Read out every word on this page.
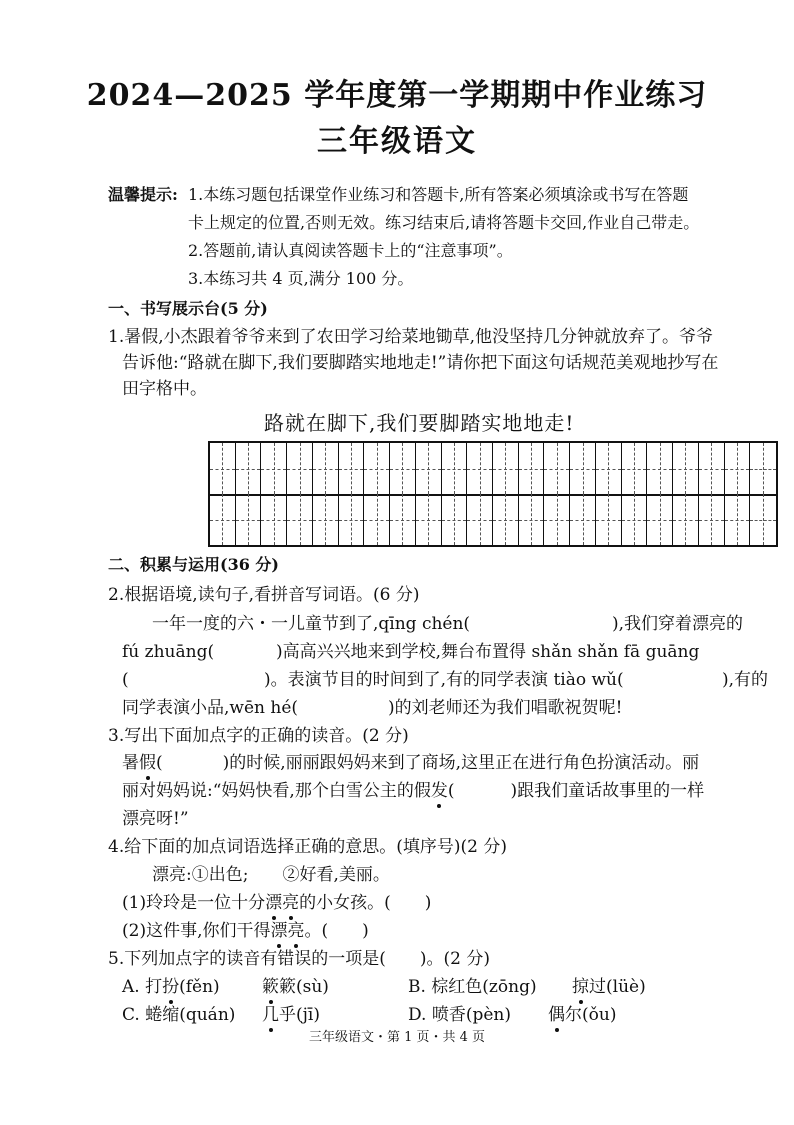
2024—2025 学年度第一学期期中作业练习
三年级语文
温馨提示: 1.本练习题包括课堂作业练习和答题卡,所有答案必须填涂或书写在答题
卡上规定的位置,否则无效。练习结束后,请将答题卡交回,作业自己带走。
2.答题前,请认真阅读答题卡上的“注意事项”。
3.本练习共 4 页,满分 100 分。
一、书写展示台(5 分)
1.暑假,小杰跟着爷爷来到了农田学习给菜地锄草,他没坚持几分钟就放弃了。爷爷
告诉他:“路就在脚下,我们要脚踏实地地走!”请你把下面这句话规范美观地抄写在
田字格中。
路就在脚下,我们要脚踏实地地走!
二、积累与运用(36 分)
2.根据语境,读句子,看拼音写词语。(6 分)
一年一度的六・一儿童节到了,qīng chén(	),我们穿着漂亮的
fú zhuāng(	)高高兴兴地来到学校,舞台布置得 shǎn shǎn fā guāng
(	)。表演节目的时间到了,有的同学表演 tiào wǔ(	),有的
同学表演小品,wēn hé(	)的刘老师还为我们唱歌祝贺呢!
3.写出下面加点字的正确的读音。(2 分)
暑假(	)的时候,丽丽跟妈妈来到了商场,这里正在进行角色扮演活动。丽
丽对妈妈说:“妈妈快看,那个白雪公主的假发(	)跟我们童话故事里的一样
漂亮呀!”
4.给下面的加点词语选择正确的意思。(填序号)(2 分)
漂亮:①出色;　　②好看,美丽。
(1)玲玲是一位十分漂亮的小女孩。(　　)
(2)这件事,你们干得漂亮。(　　)
5.下列加点字的读音有错误的一项是(　　)。(2 分)
A. 打扮(fěn) 簌簌(sù)	B. 棕红色(zōng) 掠过(lüè)
C. 蜷缩(quán) 几乎(jī)	D. 喷香(pèn) 偶尔(ǒu)
三年级语文・第 1 页・共 4 页
